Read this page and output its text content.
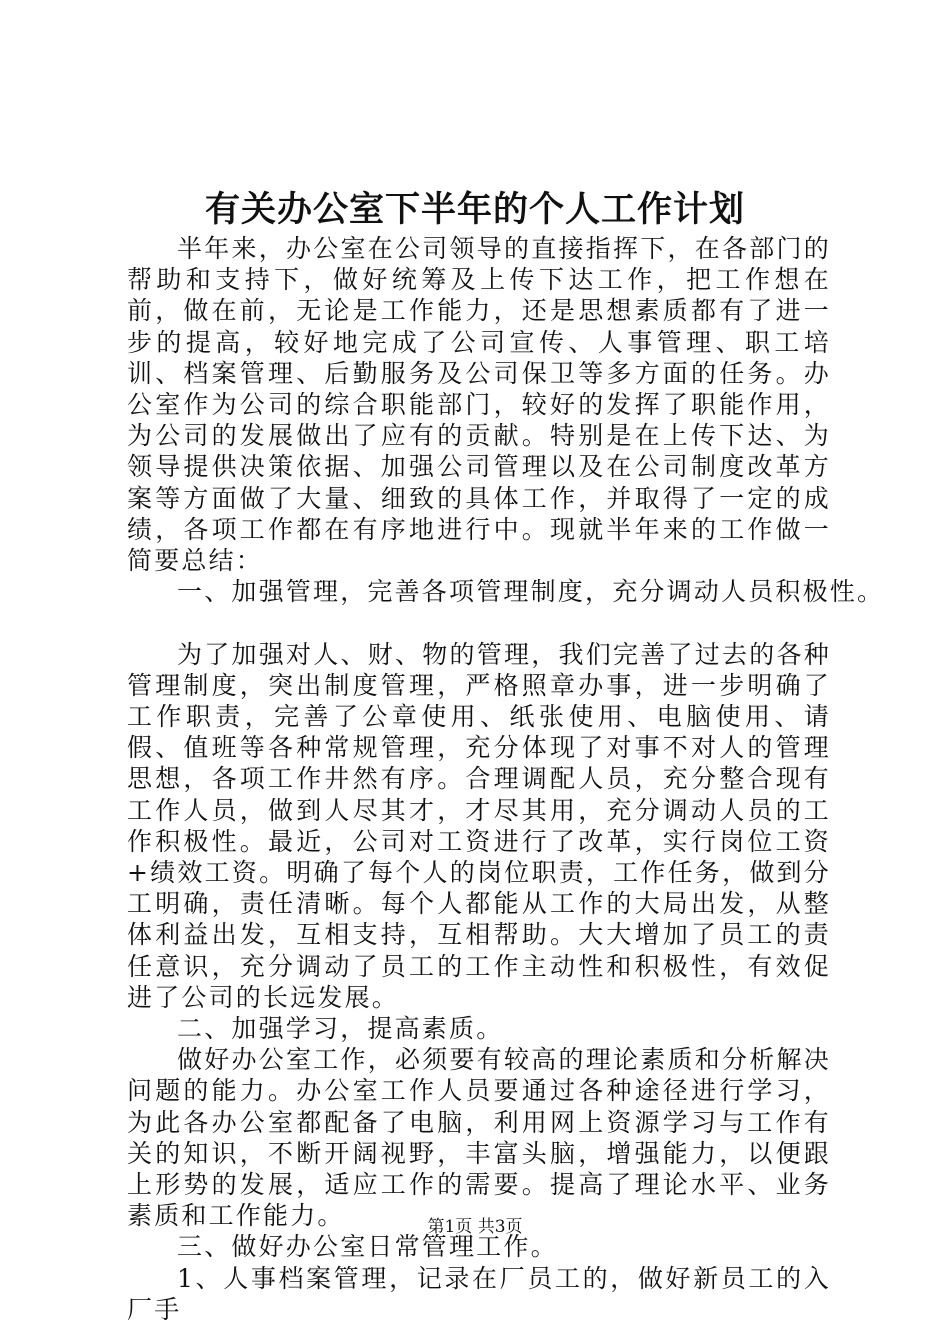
有关办公室下半年的个人工作计划

半年来，办公室在公司领导的直接指挥下，在各部门的帮助和支持下，做好统筹及上传下达工作，把工作想在前，做在前，无论是工作能力，还是思想素质都有了进一步的提高，较好地完成了公司宣传、人事管理、职工培训、档案管理、后勤服务及公司保卫等多方面的任务。办公室作为公司的综合职能部门，较好的发挥了职能作用，为公司的发展做出了应有的贡献。特别是在上传下达、为领导提供决策依据、加强公司管理以及在公司制度改革方案等方面做了大量、细致的具体工作，并取得了一定的成绩，各项工作都在有序地进行中。现就半年来的工作做一简要总结：

一、加强管理，完善各项管理制度，充分调动人员积极性。

为了加强对人、财、物的管理，我们完善了过去的各种管理制度，突出制度管理，严格照章办事，进一步明确了工作职责，完善了公章使用、纸张使用、电脑使用、请假、值班等各种常规管理，充分体现了对事不对人的管理思想，各项工作井然有序。合理调配人员，充分整合现有工作人员，做到人尽其才，才尽其用，充分调动人员的工作积极性。最近，公司对工资进行了改革，实行岗位工资+绩效工资。明确了每个人的岗位职责，工作任务，做到分工明确，责任清晰。每个人都能从工作的大局出发，从整体利益出发，互相支持，互相帮助。大大增加了员工的责任意识，充分调动了员工的工作主动性和积极性，有效促进了公司的长远发展。

二、加强学习，提高素质。

做好办公室工作，必须要有较高的理论素质和分析解决问题的能力。办公室工作人员要通过各种途径进行学习，为此各办公室都配备了电脑，利用网上资源学习与工作有关的知识，不断开阔视野，丰富头脑，增强能力，以便跟上形势的发展，适应工作的需要。提高了理论水平、业务素质和工作能力。

三、做好办公室日常管理工作。

1、人事档案管理，记录在厂员工的，做好新员工的入厂手

第1页 共3页
